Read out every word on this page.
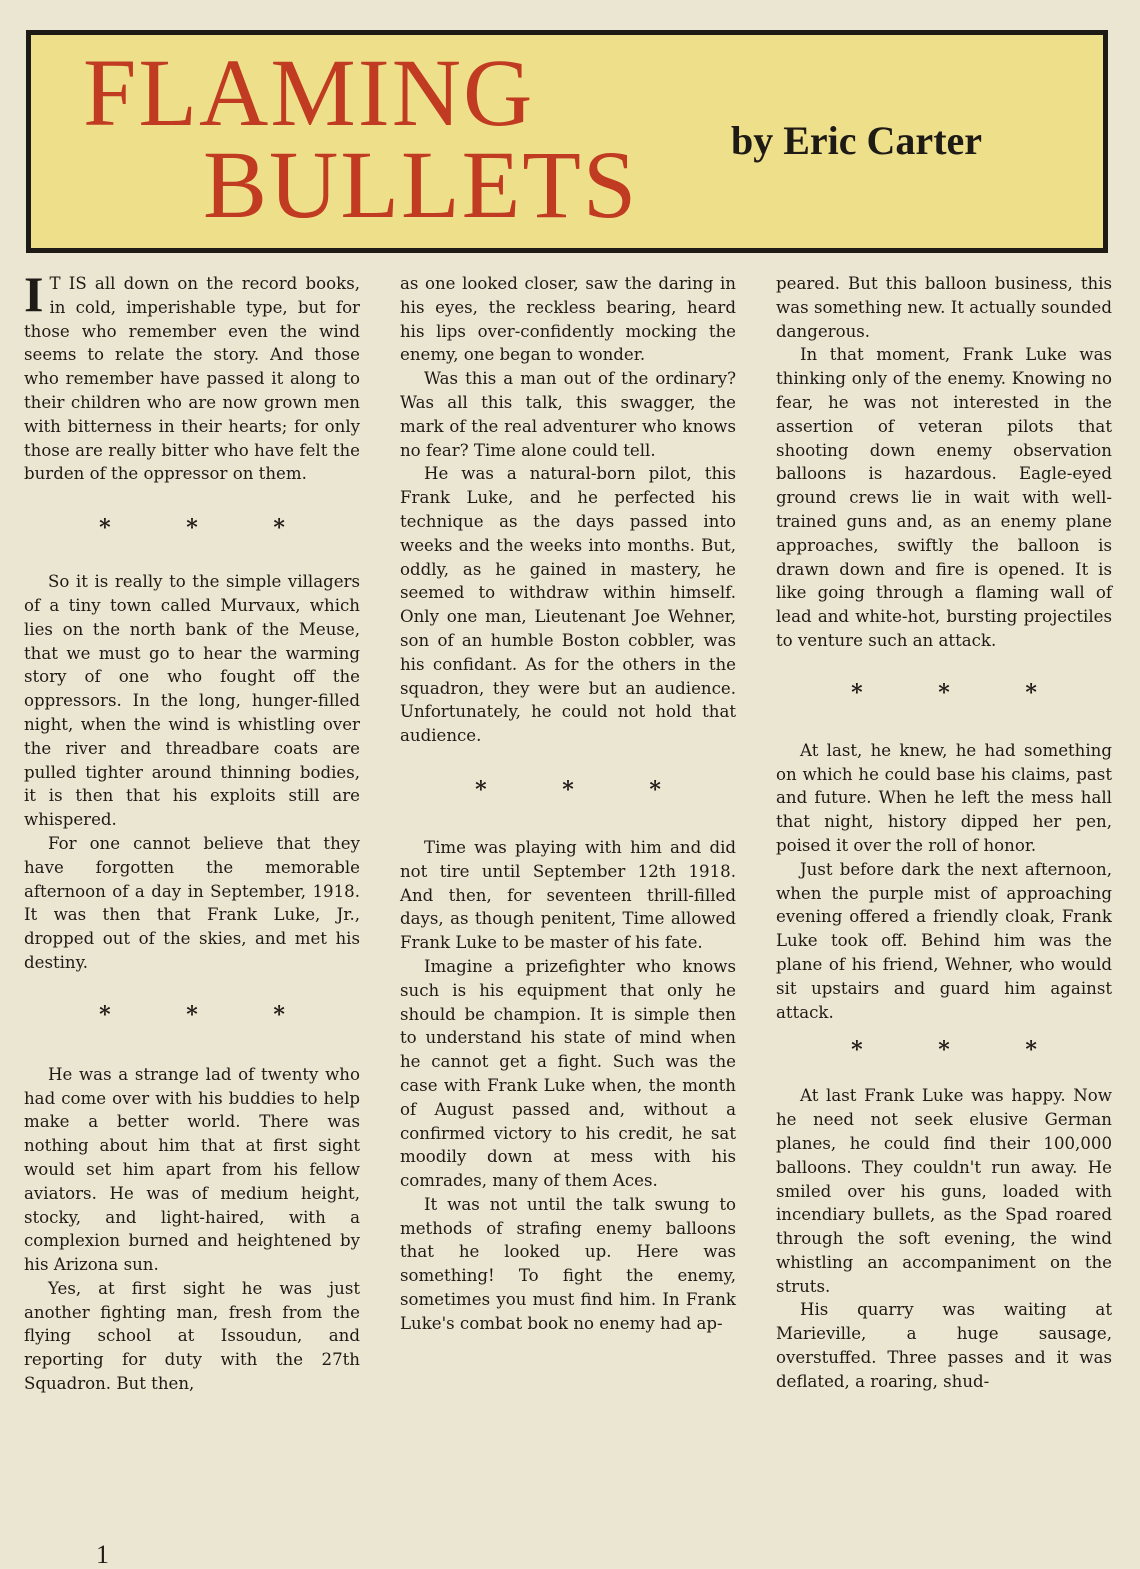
FLAMING
BULLETS by Eric Carter

I T IS all down on the record books, in cold, imperishable type, but for those who remember even the wind seems to relate the story. And those who remember have passed it along to their children who are now grown men with bitterness in their hearts; for only those are really bitter who have felt the burden of the oppressor on them.

* * *

So it is really to the simple villagers of a tiny town called Murvaux, which lies on the north bank of the Meuse, that we must go to hear the warming story of one who fought off the oppressors. In the long, hunger-filled night, when the wind is whistling over the river and threadbare coats are pulled tighter around thinning bodies, it is then that his exploits still are whispered.

For one cannot believe that they have forgotten the memorable afternoon of a day in September, 1918. It was then that Frank Luke, Jr., dropped out of the skies, and met his destiny.

* * *

He was a strange lad of twenty who had come over with his buddies to help make a better world. There was nothing about him that at first sight would set him apart from his fellow aviators. He was of medium height, stocky, and light-haired, with a complexion burned and heightened by his Arizona sun.

Yes, at first sight he was just another fighting man, fresh from the flying school at Issoudun, and reporting for duty with the 27th Squadron. But then,

as one looked closer, saw the daring in his eyes, the reckless bearing, heard his lips over-confidently mocking the enemy, one began to wonder.

Was this a man out of the ordinary? Was all this talk, this swagger, the mark of the real adventurer who knows no fear? Time alone could tell.

He was a natural-born pilot, this Frank Luke, and he perfected his technique as the days passed into weeks and the weeks into months. But, oddly, as he gained in mastery, he seemed to withdraw within himself. Only one man, Lieutenant Joe Wehner, son of an humble Boston cobbler, was his confidant. As for the others in the squadron, they were but an audience. Unfortunately, he could not hold that audience.

* * *

Time was playing with him and did not tire until September 12th 1918. And then, for seventeen thrill-filled days, as though penitent, Time allowed Frank Luke to be master of his fate.

Imagine a prizefighter who knows such is his equipment that only he should be champion. It is simple then to understand his state of mind when he cannot get a fight. Such was the case with Frank Luke when, the month of August passed and, without a confirmed victory to his credit, he sat moodily down at mess with his comrades, many of them Aces.

It was not until the talk swung to methods of strafing enemy balloons that he looked up. Here was something! To fight the enemy, sometimes you must find him. In Frank Luke's combat book no enemy had ap-

peared. But this balloon business, this was something new. It actually sounded dangerous.

In that moment, Frank Luke was thinking only of the enemy. Knowing no fear, he was not interested in the assertion of veteran pilots that shooting down enemy observation balloons is hazardous. Eagle-eyed ground crews lie in wait with well-trained guns and, as an enemy plane approaches, swiftly the balloon is drawn down and fire is opened. It is like going through a flaming wall of lead and white-hot, bursting projectiles to venture such an attack.

* * *

At last, he knew, he had something on which he could base his claims, past and future. When he left the mess hall that night, history dipped her pen, poised it over the roll of honor.

Just before dark the next afternoon, when the purple mist of approaching evening offered a friendly cloak, Frank Luke took off. Behind him was the plane of his friend, Wehner, who would sit upstairs and guard him against attack.

* * *

At last Frank Luke was happy. Now he need not seek elusive German planes, he could find their 100,000 balloons. They couldn't run away. He smiled over his guns, loaded with incendiary bullets, as the Spad roared through the soft evening, the wind whistling an accompaniment on the struts.

His quarry was waiting at Marieville, a huge sausage, overstuffed. Three passes and it was deflated, a roaring, shud-

1
